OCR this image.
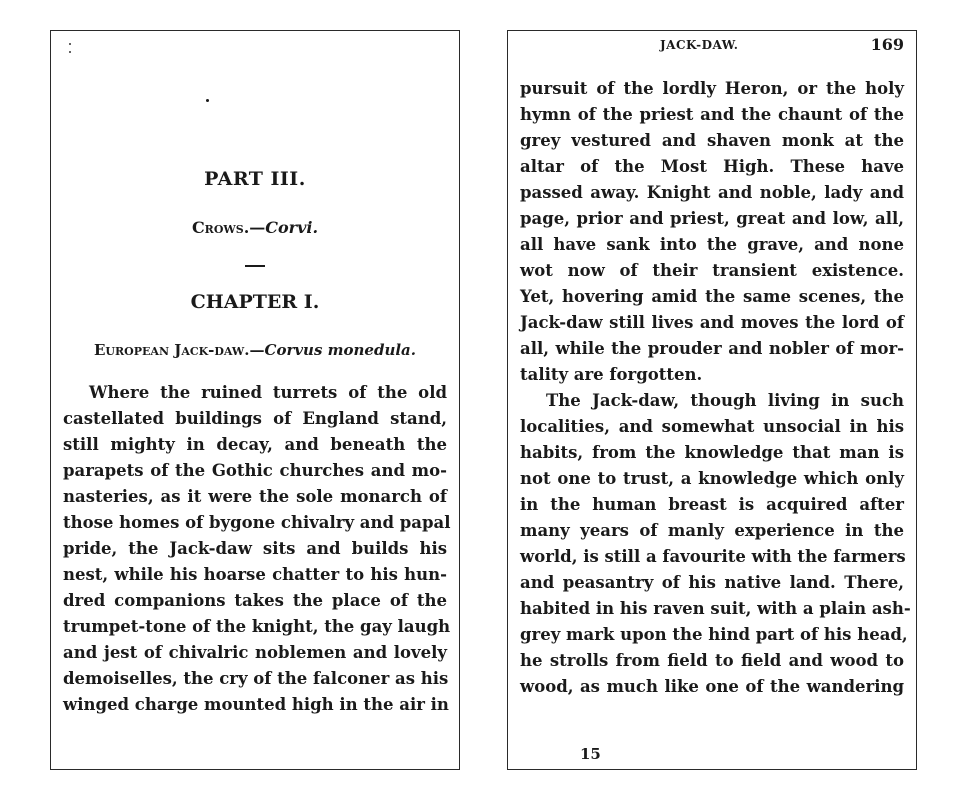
PART III.
Crows.—Corvi.
CHAPTER I.
European Jack-daw.—Corvus monedula.
Where the ruined turrets of the old
castellated buildings of England stand,
still mighty in decay, and beneath the
parapets of the Gothic churches and mo-
nasteries, as it were the sole monarch of
those homes of bygone chivalry and papal
pride, the Jack-daw sits and builds his
nest, while his hoarse chatter to his hun-
dred companions takes the place of the
trumpet-tone of the knight, the gay laugh
and jest of chivalric noblemen and lovely
demoiselles, the cry of the falconer as his
winged charge mounted high in the air in
JACK-DAW.	169
pursuit of the lordly Heron, or the holy
hymn of the priest and the chaunt of the
grey vestured and shaven monk at the
altar of the Most High. These have
passed away. Knight and noble, lady and
page, prior and priest, great and low, all,
all have sank into the grave, and none
wot now of their transient existence.
Yet, hovering amid the same scenes, the
Jack-daw still lives and moves the lord of
all, while the prouder and nobler of mor-
tality are forgotten.
The Jack-daw, though living in such
localities, and somewhat unsocial in his
habits, from the knowledge that man is
not one to trust, a knowledge which only
in the human breast is acquired after
many years of manly experience in the
world, is still a favourite with the farmers
and peasantry of his native land. There,
habited in his raven suit, with a plain ash-
grey mark upon the hind part of his head,
he strolls from field to field and wood to
wood, as much like one of the wandering
15
